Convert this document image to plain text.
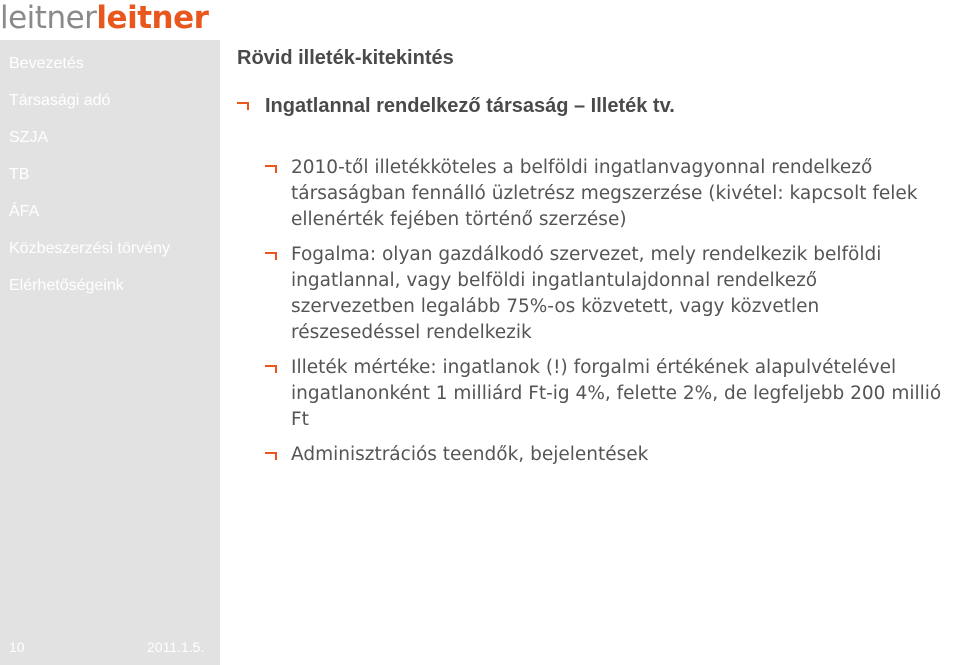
leitnerleitner
Bevezetés
Társasági adó
SZJA
TB
ÁFA
Közbeszerzési törvény
Elérhetőségeink
10	2011.1.5.
Rövid illeték-kitekintés
Ingatlannal rendelkező társaság – Illeték tv.
2010-től illetékköteles a belföldi ingatlanvagyonnal rendelkező társaságban fennálló üzletrész megszerzése (kivétel: kapcsolt felek ellenérték fejében történő szerzése)
Fogalma: olyan gazdálkodó szervezet, mely rendelkezik belföldi ingatlannal, vagy belföldi ingatlantulajdonnal rendelkező szervezetben legalább 75%-os közvetett, vagy közvetlen részesedéssel rendelkezik
Illeték mértéke: ingatlanok (!) forgalmi értékének alapulvételével ingatlanonként 1 milliárd Ft-ig 4%, felette 2%, de legfeljebb 200 millió Ft
Adminisztrációs teendők, bejelentések
